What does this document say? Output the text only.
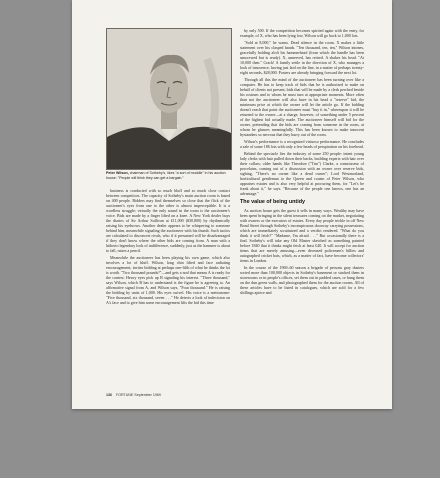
Peter Wilson, chairman of Sotheby's, likes "a sort of muddle" in his auction house: "People will think they can get a bargain."

business is conducted with so much bluff and so much close contact between competitors. The capacity of Sotheby's main auction room is based on 400 people. Bidders may find themselves so close that the flick of the auctioneer's eyes from one to the other is almost imperceptible. It is a wordless struggle; virtually the only sound in the room is the auctioneer's voice. Bids are made by a finger lifted on a knee. A New York dealer buys the diaries of Sir Arthur Sullivan at £11,000 ($30,800) by rhythmically raising his eyebrows. Another dealer appears to be whispering to someone behind him, meanwhile signaling the auctioneer with his thumb. Such tactics are calculated to disconcert rivals, who if it presumed will be disadvantaged if they don't know where the other bids are coming from. A man with a hitherto legendary look of indifference, suddenly, just as the hammer is about to fall, raises a pencil.

Meanwhile the auctioneer has been playing his own game, which also involves a lot of bluff. Wilson, long chin lifted and face radiating encouragement, invites bidding at perhaps one-fifth of what he thinks the lot is worth. "Two thousand pounds?"—and gets a nod that means A is ready for the contest. Heavy eyes pick up B signaling his interest. "Three thousand," says Wilson, which B has to understand is the figure he is agreeing to. An affirmative signal from A, and Wilson says, "Four thousand." He is raising the bidding by units of 1,000. His eyes swivel. His voice is a metronome: "Five thousand, six thousand, seven . . ." He detects a look of indecision on A's face and to give him some encouragement lifts the bid this time

by only 500. If the competition becomes spirited again with the entry, for example, of X, who has been lying low, Wilson will go back to 1,000 lots.

"Sold at 8,000," he warns. Dead silence in the room. X makes a little statement over his clasped hands. "Ten thousand, ten, ten," Wilson intones, gracefully holding aloft his hammerhead (from which the handle has been unscrewed but is ready). X, unnerved, has retired. A shakes his head. "At 10,000 then." Crack! A family settle in the direction of X, who manages a look of innocence, having just laid on the line, in a matter of perhaps twenty-eight seconds, $28,000. Posters are already bringing forward the next lot.

Through all this the mind of the auctioneer has been turning over like a computer. He has to keep track of bids that he is authorized to make on behalf of clients not present, bids that will be made by a clerk perched beside his rostrum and to whom he must turn at appropriate moments. More often than not the auctioneer will also have in his head a "reserve" bid, the minimum price at which the owner will let the article go. If the bidding doesn't reach that point the auctioneer must "buy it in," whereupon it will be returned to the owner—at a charge, however, of something under 5 percent of the highest bid actually made. The auctioneer himself will bid for the owner, pretending that the bids are coming from someone in the room, at whom he glances meaningfully. This has been known to make innocent bystanders so nervous that they hurry out of the room.

Wilson's performance is a recognized virtuoso performance. He concludes a sale of some 186 lots with only a few heads of perspiration on his forehead.

Behind the spectacle lies the industry of some 250 people: intent young lady clerks with hair pulled down their backs, building experts with hair over their collars; older hands like Theodore ("Tim") Clarke, a connoisseur of porcelains, coming out of a discussion with an owner over reserve bids, sighing, "There's no owner like a dead owner"; Lord Westmorland, horticultural gentleman to the Queen and cousin of Peter Wilson, who appraises estates and is also very helpful at procuring them, for "Let's be frank about it," he says. "Because of the people one knows, one has an advantage."

The value of being untidy

As auction house gets the guest it sells in many ways. Wealthy may have been spent bringing in the silent treasures coming on the market, negotiating with owners or the executors of estates. Every day people trickle in off New Bond Street through Sotheby's inconspicuous doorway carrying possessions, which are immediately scrutinized and a verdict rendered. "What do you think it will fetch?" "Madame, I'm afraid . . ." But occasionally there is a find. Sotheby's will take any Old Master sketched as something painted before 1840 that it thinks might fetch at least £40. It will accept for auction items that are merely amusing—even deceased policemen's billies and autographed cricket bats, which, as a matter of fact, have become collectors' items in London.

In the course of the 1969–60 season a brigade of persons gray dusters sorted more than 100,000 objects in Sotheby's basement or stacked them in storerooms or in people's offices, set them out in padded cases, or hung them on the dun green walls, and photographed them for the auction rooms. All of these articles have to be listed in catalogues, which are sold for a few shillings apiece and

136 FORTUNE September 1969
